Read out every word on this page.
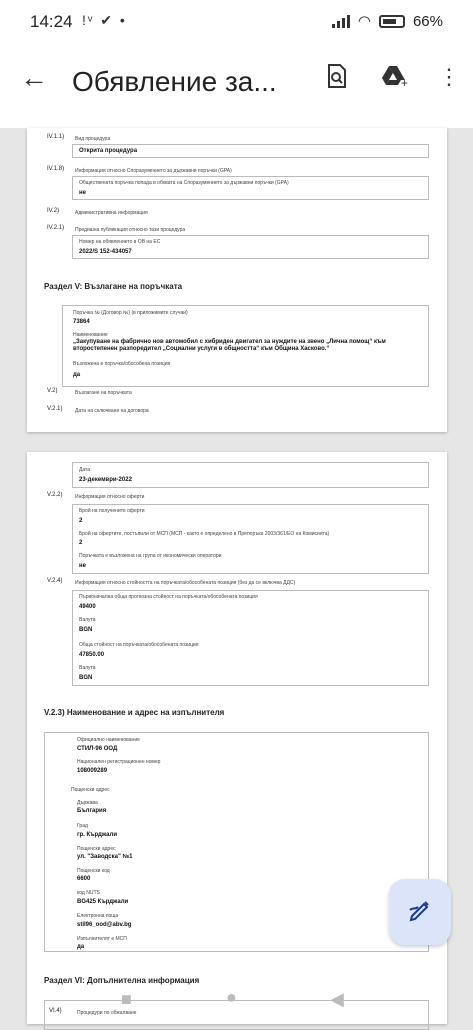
14:24 !ᵛ ✔ •	◠	66%
← Обявление за...	+ ⋮
IV.1.1) Вид процедура
Открита процедура
IV.1.8) Информация относно Споразумението за държавни поръчки (GPA)
Обществената поръчка попада в обхвата на Споразумението за държавни поръчки (GPA)
не
IV.2)	Административна информация
IV.2.1) Предишна публикация относно тази процедура
Номер на обявлението в ОВ на ЕС
2022/S 152-434057
Раздел V: Възлагане на поръчката
Поръчка № (Договор №) (в приложимите случаи)
73864
Наименование
„Закупуване на фабрично нов автомобил с хибриден двигател за нуждите на звено „Лична помощ“ към второстепенен разпоредител „Социални услуги в общността“ към Община Хасково.“
Възложена е поръчка/обособена позиция
да
V.2)	Възлагане на поръчката
V.2.1)	Дата на сключване на договора
Дата
23-декември-2022
V.2.2)	Информация относно оферти
Брой на получените оферти
2
Брой на офертите, постъпили от МСП (МСП - както е определено в Препоръка 2003/361/ЕО на Комисията)
2
Поръчката е възложена на група от икономически оператори
не
V.2.4)	Информация относно стойността на поръчката/обособената позиция (без да се включва ДДС)
Първоначална обща прогнозна стойност на поръчката/обособената позиция
49400
Валута
BGN
Обща стойност на поръчката/обособената позиция
47850.00
Валута
BGN
V.2.3) Наименование и адрес на изпълнителя
Официално наименование
СТИЛ-96 ООД
Национален регистрационен номер
108009289
Пощенски адрес
Държава
България
Град
гр. Кърджали
Пощенски адрес
ул. "Заводска" №1
Пощенски код
6600
код NUTS
BG425 Кърджали
Електронна поща
stil96_ood@abv.bg
Изпълнителят е МСП
да
Раздел VI: Допълнителна информация
VI.4)	Процедури по обжалване
■	●	◀
